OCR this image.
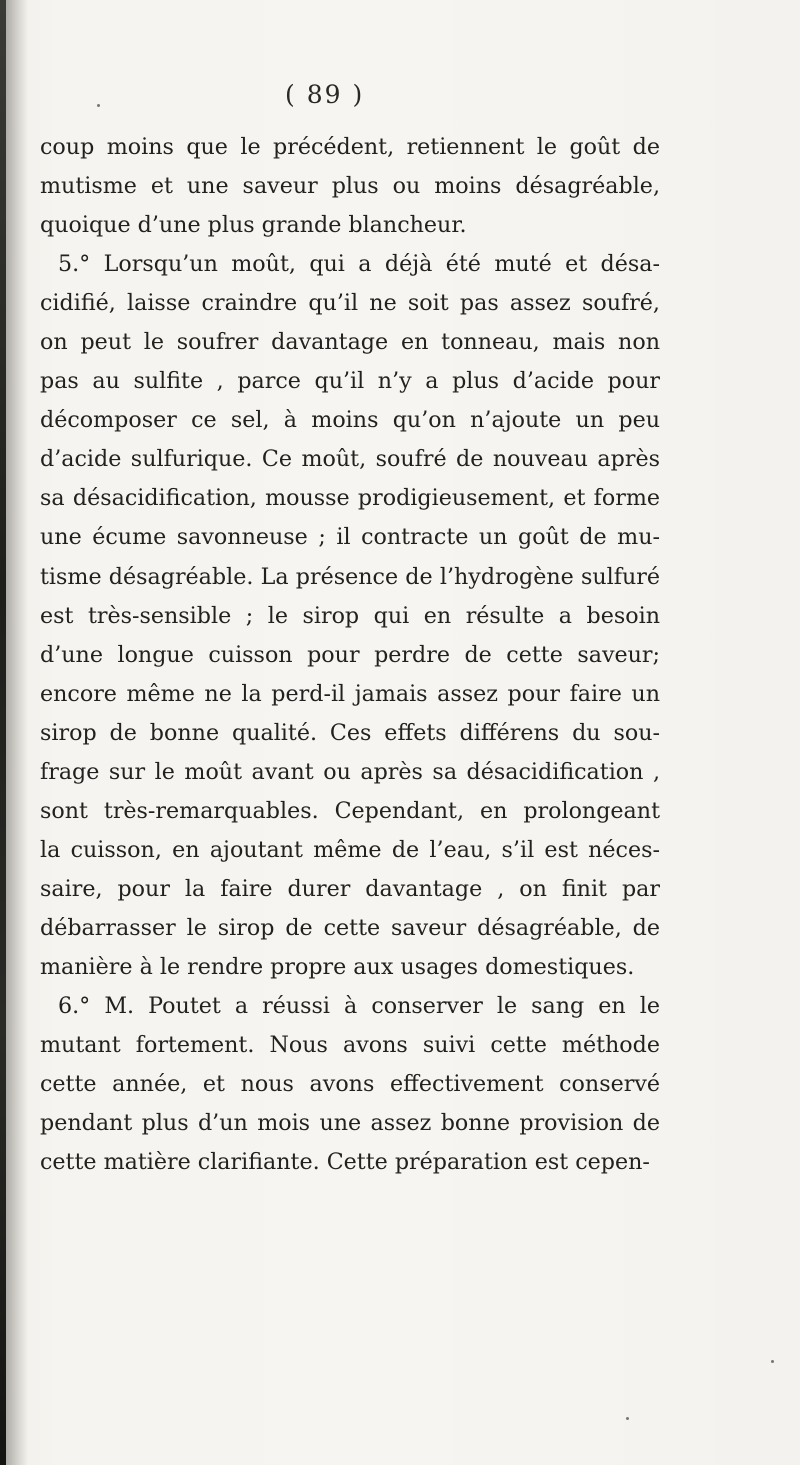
( 89 )
coup moins que le précédent, retiennent le goût de
mutisme et une saveur plus ou moins désagréable,
quoique d’une plus grande blancheur.
5.° Lorsqu’un moût, qui a déjà été muté et désa-
cidifié, laisse craindre qu’il ne soit pas assez soufré,
on peut le soufrer davantage en tonneau, mais non
pas au sulfite , parce qu’il n’y a plus d’acide pour
décomposer ce sel, à moins qu’on n’ajoute un peu
d’acide sulfurique. Ce moût, soufré de nouveau après
sa désacidification, mousse prodigieusement, et forme
une écume savonneuse ; il contracte un goût de mu-
tisme désagréable. La présence de l’hydrogène sulfuré
est très-sensible ; le sirop qui en résulte a besoin
d’une longue cuisson pour perdre de cette saveur;
encore même ne la perd-il jamais assez pour faire un
sirop de bonne qualité. Ces effets différens du sou-
frage sur le moût avant ou après sa désacidification ,
sont très-remarquables. Cependant, en prolongeant
la cuisson, en ajoutant même de l’eau, s’il est néces-
saire, pour la faire durer davantage , on finit par
débarrasser le sirop de cette saveur désagréable, de
manière à le rendre propre aux usages domestiques.
6.° M. Poutet a réussi à conserver le sang en le
mutant fortement. Nous avons suivi cette méthode
cette année, et nous avons effectivement conservé
pendant plus d’un mois une assez bonne provision de
cette matière clarifiante. Cette préparation est cepen-
